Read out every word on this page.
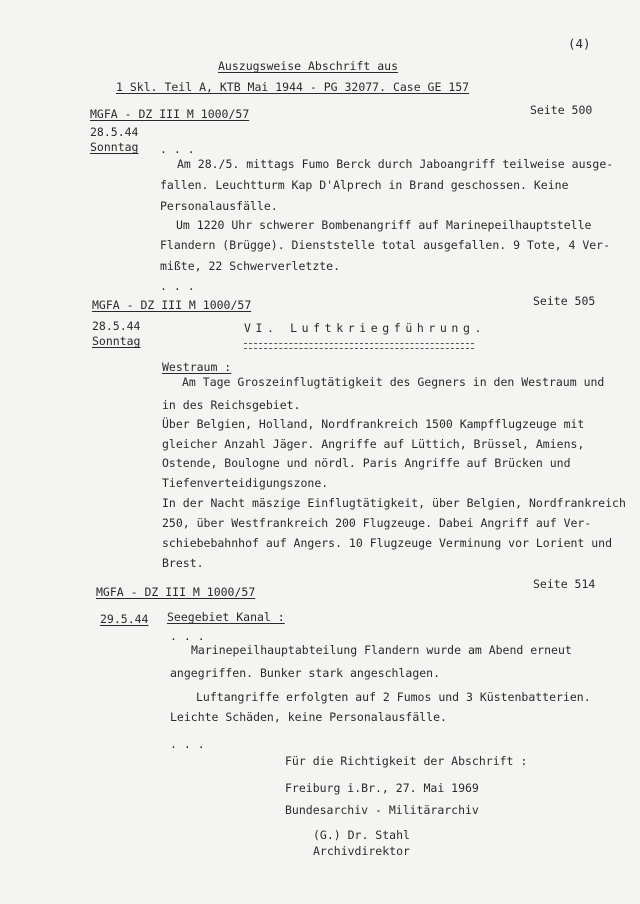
(4)
Auszugsweise Abschrift aus
1 Skl. Teil A, KTB Mai 1944 - PG 32077. Case GE 157
MGFA - DZ III M 1000/57	Seite 500
28.5.44
Sonntag . . .
Am 28./5. mittags Fumo Berck durch Jaboangriff teilweise ausge-
fallen. Leuchtturm Kap D'Alprech in Brand geschossen. Keine
Personalausfälle.
Um 1220 Uhr schwerer Bombenangriff auf Marinepeilhauptstelle
Flandern (Brügge). Dienststelle total ausgefallen. 9 Tote, 4 Ver-
mißte, 22 Schwerverletzte.
. . .
MGFA - DZ III M 1000/57	Seite 505
28.5.44
Sonntag
VI. Luftkriegführung.
Westraum :
Am Tage Groszeinflugtätigkeit des Gegners in den Westraum und
in des Reichsgebiet.
Über Belgien, Holland, Nordfrankreich 1500 Kampfflugzeuge mit
gleicher Anzahl Jäger. Angriffe auf Lüttich, Brüssel, Amiens,
Ostende, Boulogne und nördl. Paris Angriffe auf Brücken und
Tiefenverteidigungszone.
In der Nacht mäszige Einflugtätigkeit, über Belgien, Nordfrankreich
250, über Westfrankreich 200 Flugzeuge. Dabei Angriff auf Ver-
schiebebahnhof auf Angers. 10 Flugzeuge Verminung vor Lorient und
Brest.
MGFA - DZ III M 1000/57
Seite 514
29.5.44 Seegebiet Kanal :
. . .
Marinepeilhauptabteilung Flandern wurde am Abend erneut
angegriffen. Bunker stark angeschlagen.
Luftangriffe erfolgten auf 2 Fumos und 3 Küstenbatterien.
Leichte Schäden, keine Personalausfälle.
. . .
Für die Richtigkeit der Abschrift :
Freiburg i.Br., 27. Mai 1969
Bundesarchiv - Militärarchiv
(G.) Dr. Stahl
Archivdirektor
